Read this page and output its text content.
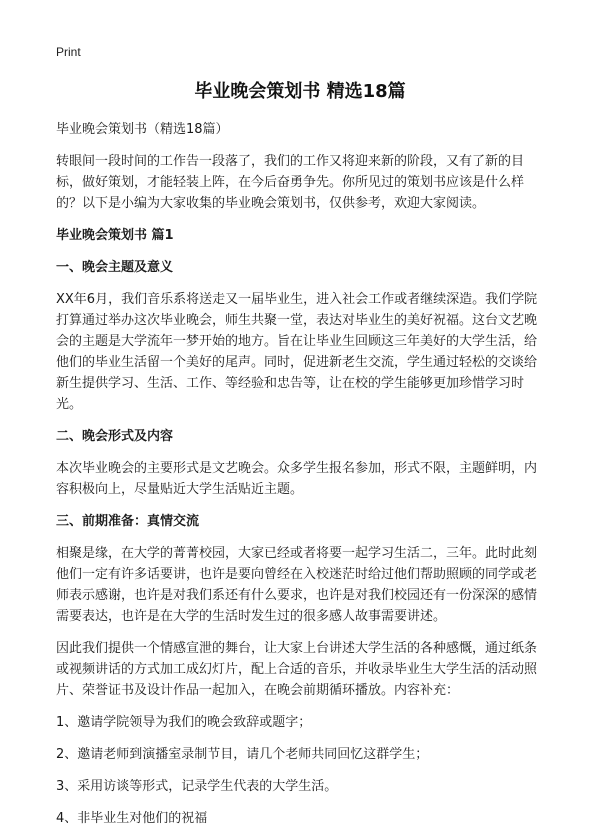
Print
毕业晚会策划书 精选18篇

毕业晚会策划书（精选18篇）

转眼间一段时间的工作告一段落了，我们的工作又将迎来新的阶段，又有了新的目标，做好策划，才能轻装上阵，在今后奋勇争先。你所见过的策划书应该是什么样的？以下是小编为大家收集的毕业晚会策划书，仅供参考，欢迎大家阅读。

毕业晚会策划书 篇1
一、晚会主题及意义

XX年6月，我们音乐系将送走又一届毕业生，进入社会工作或者继续深造。我们学院打算通过举办这次毕业晚会，师生共聚一堂，表达对毕业生的美好祝福。这台文艺晚会的主题是大学流年一梦开始的地方。旨在让毕业生回顾这三年美好的大学生活，给他们的毕业生活留一个美好的尾声。同时，促进新老生交流，学生通过轻松的交谈给新生提供学习、生活、工作、等经验和忠告等，让在校的学生能够更加珍惜学习时光。

二、晚会形式及内容

本次毕业晚会的主要形式是文艺晚会。众多学生报名参加，形式不限，主题鲜明，内容积极向上，尽量贴近大学生活贴近主题。

三、前期准备：真情交流

相聚是缘，在大学的菁菁校园，大家已经或者将要一起学习生活二，三年。此时此刻他们一定有许多话要讲，也许是要向曾经在入校迷茫时给过他们帮助照顾的同学或老师表示感谢，也许是对我们系还有什么要求，也许是对我们校园还有一份深深的感情需要表达，也许是在大学的生活时发生过的很多感人故事需要讲述。

因此我们提供一个情感宣泄的舞台，让大家上台讲述大学生活的各种感慨，通过纸条或视频讲话的方式加工成幻灯片，配上合适的音乐，并收录毕业生大学生活的活动照片、荣誉证书及设计作品一起加入，在晚会前期循环播放。内容补充：

1、邀请学院领导为我们的晚会致辞或题字；

2、邀请老师到演播室录制节目，请几个老师共同回忆这群学生；

3、采用访谈等形式，记录学生代表的大学生活。

4、非毕业生对他们的祝福
